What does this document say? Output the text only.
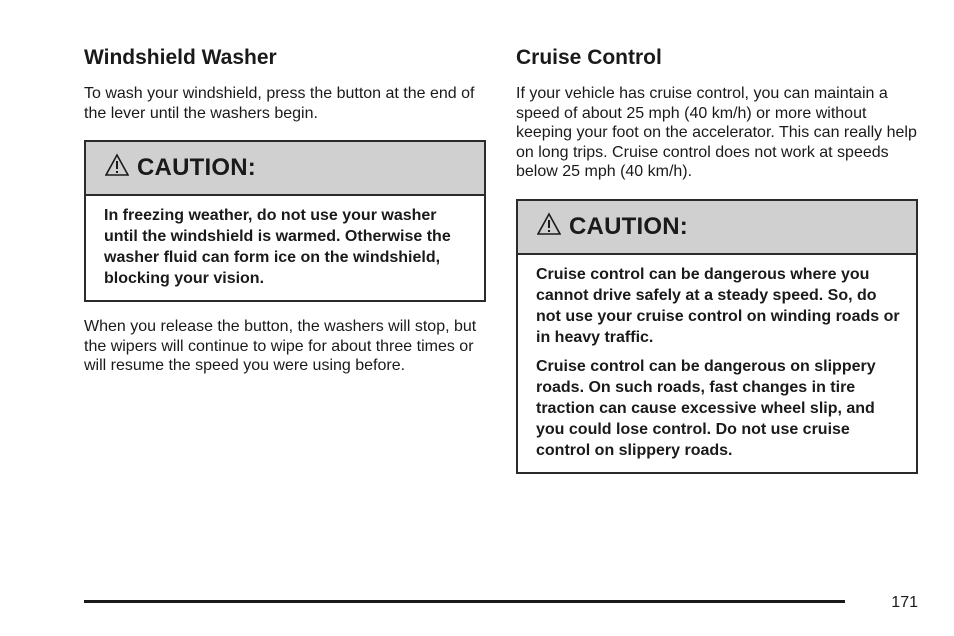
Windshield Washer

To wash your windshield, press the button at the end of the lever until the washers begin.

CAUTION:

In freezing weather, do not use your washer until the windshield is warmed. Otherwise the washer fluid can form ice on the windshield, blocking your vision.

When you release the button, the washers will stop, but the wipers will continue to wipe for about three times or will resume the speed you were using before.

Cruise Control

If your vehicle has cruise control, you can maintain a speed of about 25 mph (40 km/h) or more without keeping your foot on the accelerator. This can really help on long trips. Cruise control does not work at speeds below 25 mph (40 km/h).

CAUTION:

Cruise control can be dangerous where you cannot drive safely at a steady speed. So, do not use your cruise control on winding roads or in heavy traffic.

Cruise control can be dangerous on slippery roads. On such roads, fast changes in tire traction can cause excessive wheel slip, and you could lose control. Do not use cruise control on slippery roads.

171
